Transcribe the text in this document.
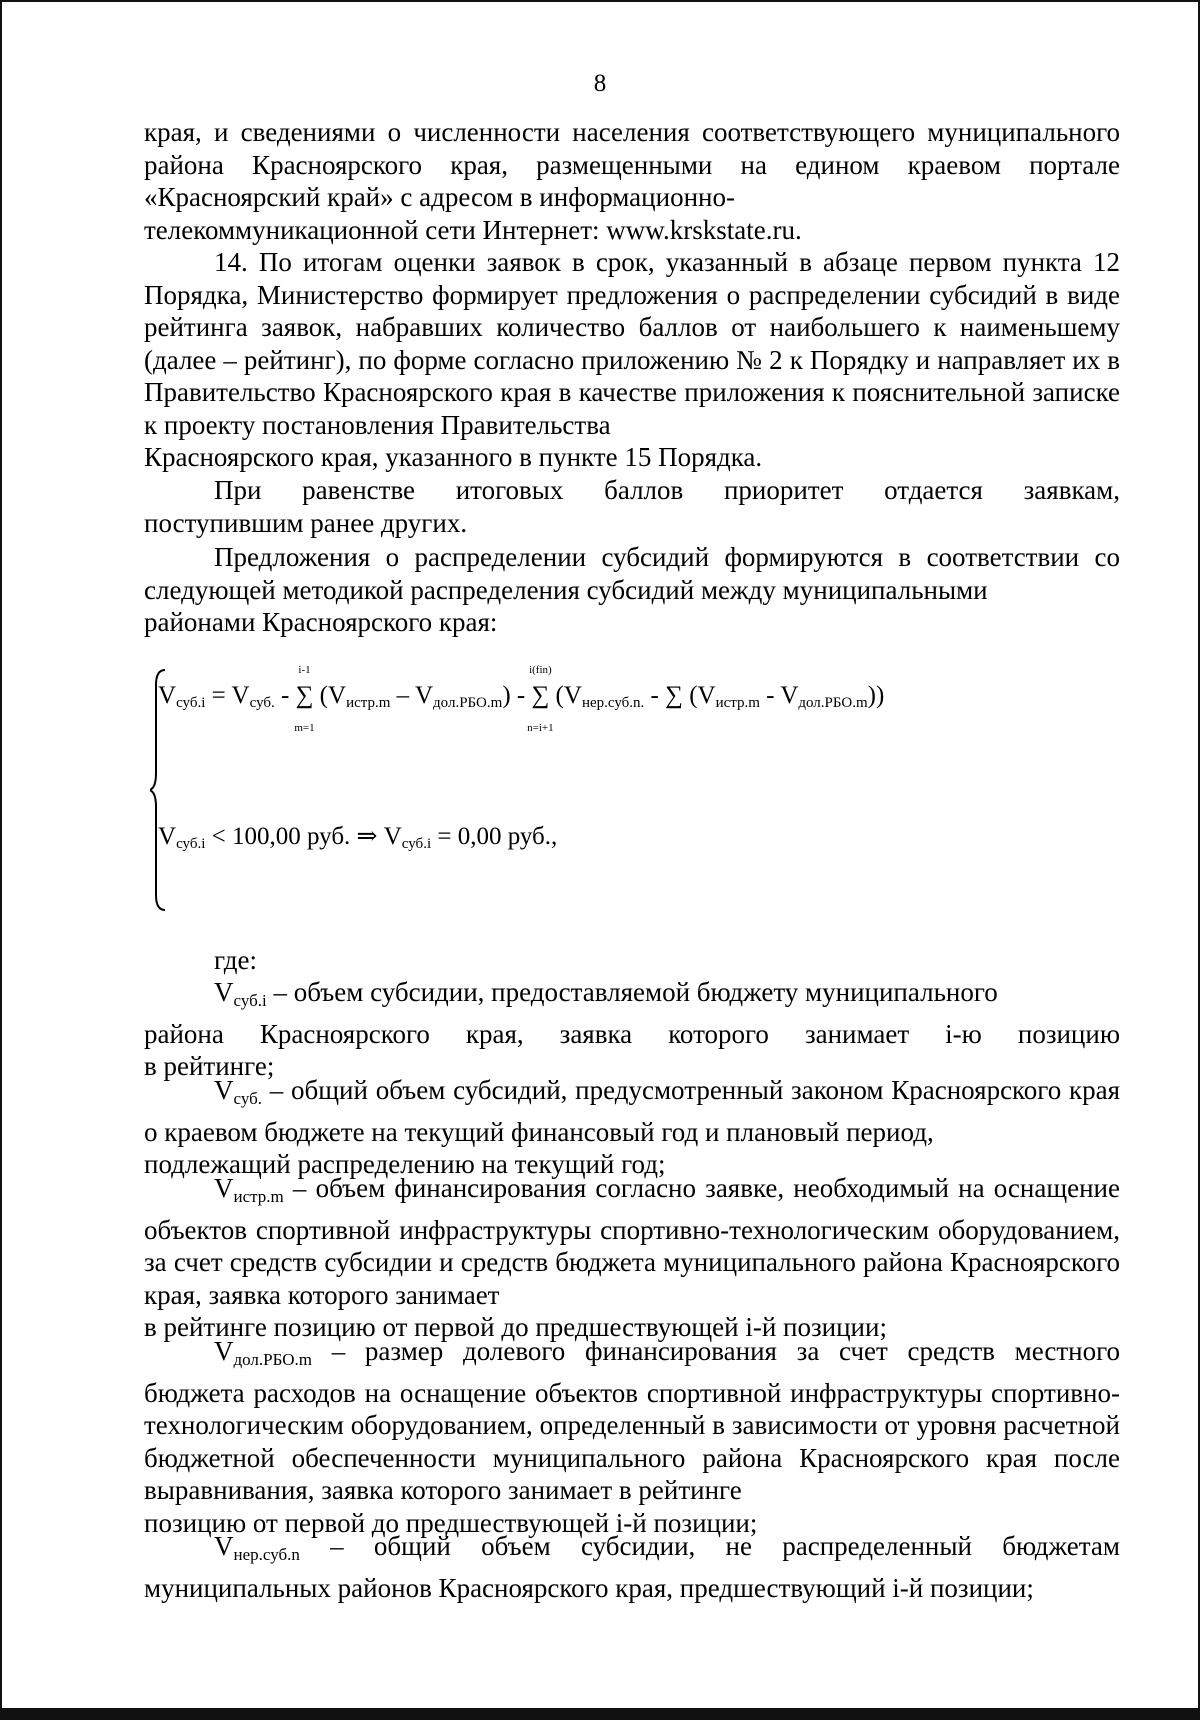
8

края, и сведениями о численности населения соответствующего муниципального района Красноярского края, размещенными на едином краевом портале «Красноярский край» с адресом в информационно-

телекоммуникационной сети Интернет: www.krskstate.ru.

14. По итогам оценки заявок в срок, указанный в абзаце первом пункта 12 Порядка, Министерство формирует предложения о распределении субсидий в виде рейтинга заявок, набравших количество баллов от наибольшего к наименьшему (далее – рейтинг), по форме согласно приложению № 2 к Порядку и направляет их в Правительство Красноярского края в качестве приложения к пояснительной записке к проекту постановления Правительства

Красноярского края, указанного в пункте 15 Порядка.

При равенстве итоговых баллов приоритет отдается заявкам,

поступившим ранее других.

Предложения о распределении субсидий формируются в соответствии со следующей методикой распределения субсидий между муниципальными

районами Красноярского края:

$V_{суб.i} = V_{суб.}$ - ∑
i-1
m=1
$(V_{истр.m} - V_{дол.РБО.m})$ - ∑
i(fin)
n=i+1
($V_{нер.суб.n.}$ - ∑ $(V_{истр.m} - V_{дол.РБО.m})$)
$V_{суб.i} < 100,00$ руб. ⇒ $V_{суб.i} = 0,00$ руб.,

где:

$V_{суб.i}$ – объем субсидии, предоставляемой бюджету муниципального

района Красноярского края, заявка которого занимает i-ю позицию

в рейтинге;

$V_{суб.}$ – общий объем субсидий, предусмотренный законом Красноярского края о краевом бюджете на текущий финансовый год и плановый период,

подлежащий распределению на текущий год;

$V_{истр.m}$ – объем финансирования согласно заявке, необходимый на оснащение объектов спортивной инфраструктуры спортивно-технологическим оборудованием, за счет средств субсидии и средств бюджета муниципального района Красноярского края, заявка которого занимает

в рейтинге позицию от первой до предшествующей i-й позиции;

$V_{дол.РБО.m}$ – размер долевого финансирования за счет средств местного бюджета расходов на оснащение объектов спортивной инфраструктуры спортивно-технологическим оборудованием, определенный в зависимости от уровня расчетной бюджетной обеспеченности муниципального района Красноярского края после выравнивания, заявка которого занимает в рейтинге

позицию от первой до предшествующей i-й позиции;

$V_{нер.суб.n}$ – общий объем субсидии, не распределенный бюджетам

муниципальных районов Красноярского края, предшествующий i-й позиции;
